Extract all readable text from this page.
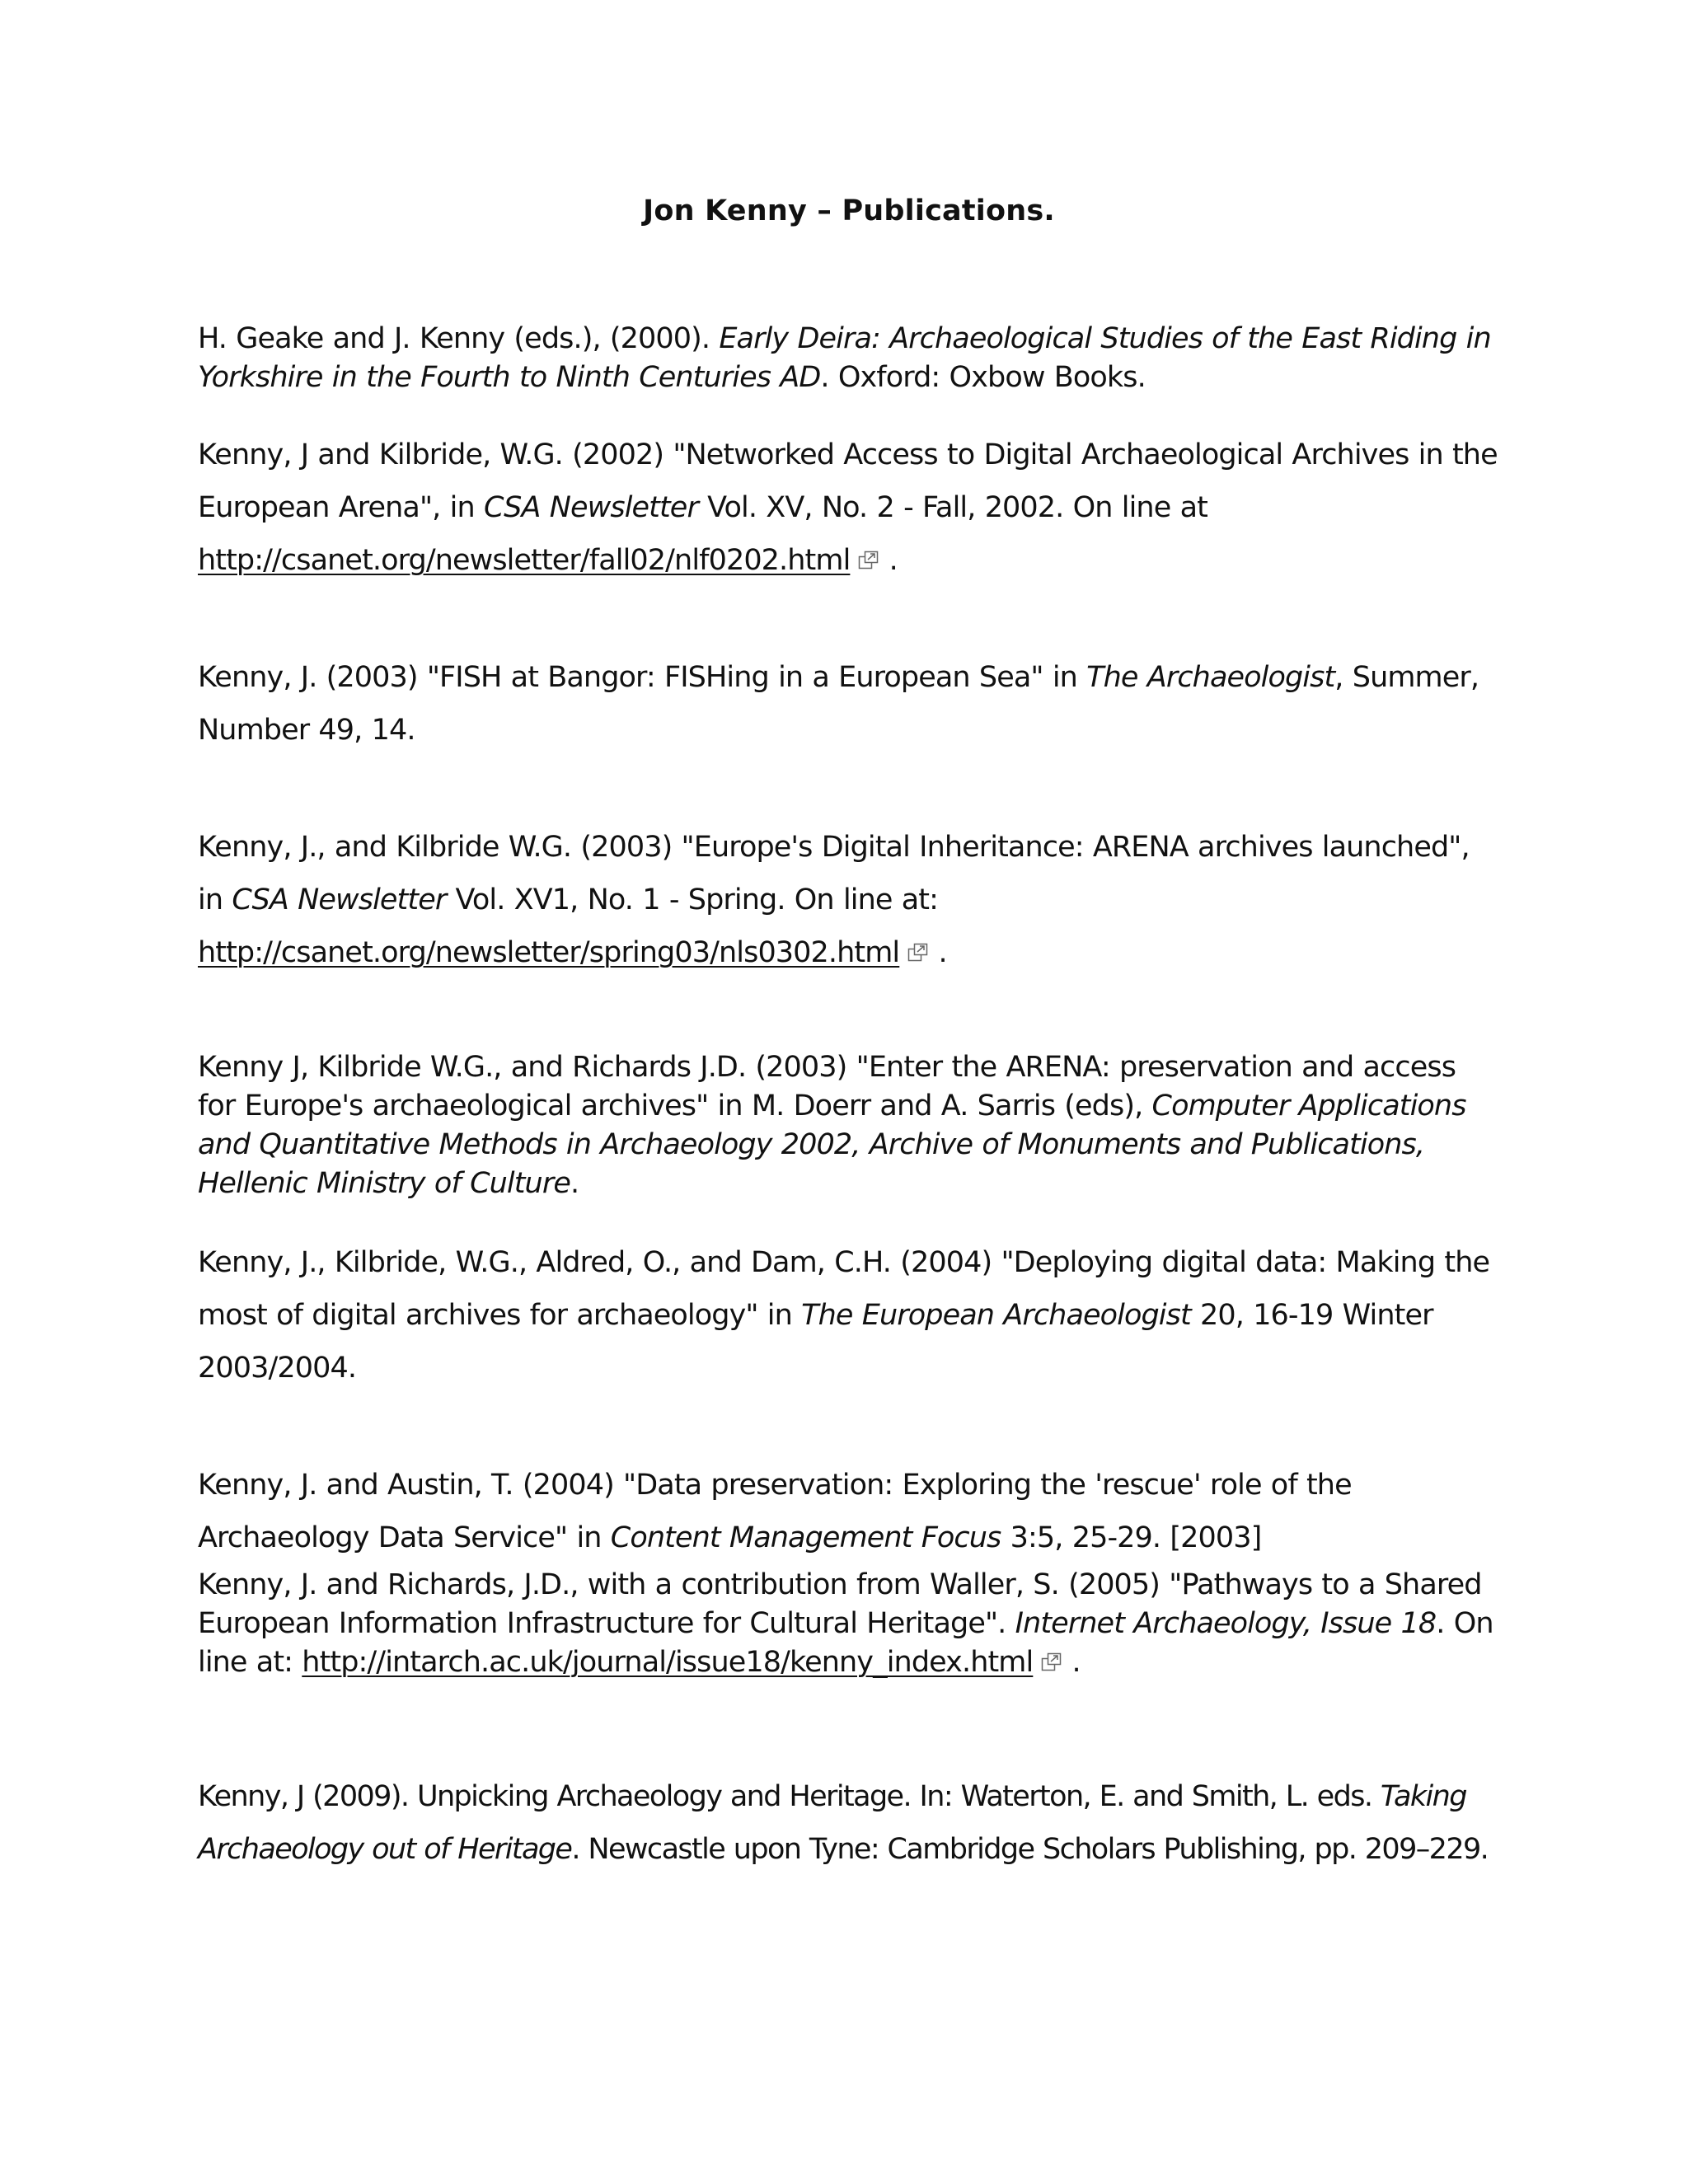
Jon Kenny – Publications.
H. Geake and J. Kenny (eds.), (2000). Early Deira: Archaeological Studies of the East Riding in Yorkshire in the Fourth to Ninth Centuries AD. Oxford: Oxbow Books.
Kenny, J and Kilbride, W.G. (2002) "Networked Access to Digital Archaeological Archives in the European Arena", in CSA Newsletter Vol. XV, No. 2 - Fall, 2002. On line at
http://csanet.org/newsletter/fall02/nlf0202.html
.
Kenny, J. (2003) "FISH at Bangor: FISHing in a European Sea" in The Archaeologist, Summer, Number 49, 14.
Kenny, J., and Kilbride W.G. (2003) "Europe's Digital Inheritance: ARENA archives launched", in CSA Newsletter Vol. XV1, No. 1 - Spring. On line at:
http://csanet.org/newsletter/spring03/nls0302.html
.
Kenny J, Kilbride W.G., and Richards J.D. (2003) "Enter the ARENA: preservation and access for Europe's archaeological archives" in M. Doerr and A. Sarris (eds), Computer Applications and Quantitative Methods in Archaeology 2002, Archive of Monuments and Publications, Hellenic Ministry of Culture.
Kenny, J., Kilbride, W.G., Aldred, O., and Dam, C.H. (2004) "Deploying digital data: Making the most of digital archives for archaeology" in The European Archaeologist 20, 16-19 Winter 2003/2004.
Kenny, J. and Austin, T. (2004) "Data preservation: Exploring the 'rescue' role of the Archaeology Data Service" in Content Management Focus 3:5, 25-29. [2003]
Kenny, J. and Richards, J.D., with a contribution from Waller, S. (2005) "Pathways to a Shared European Information Infrastructure for Cultural Heritage". Internet Archaeology, Issue 18. On line at: http://intarch.ac.uk/journal/issue18/kenny_index.html
.
Kenny, J (2009). Unpicking Archaeology and Heritage. In: Waterton, E. and Smith, L. eds. Taking Archaeology out of Heritage. Newcastle upon Tyne: Cambridge Scholars Publishing, pp. 209–229.
